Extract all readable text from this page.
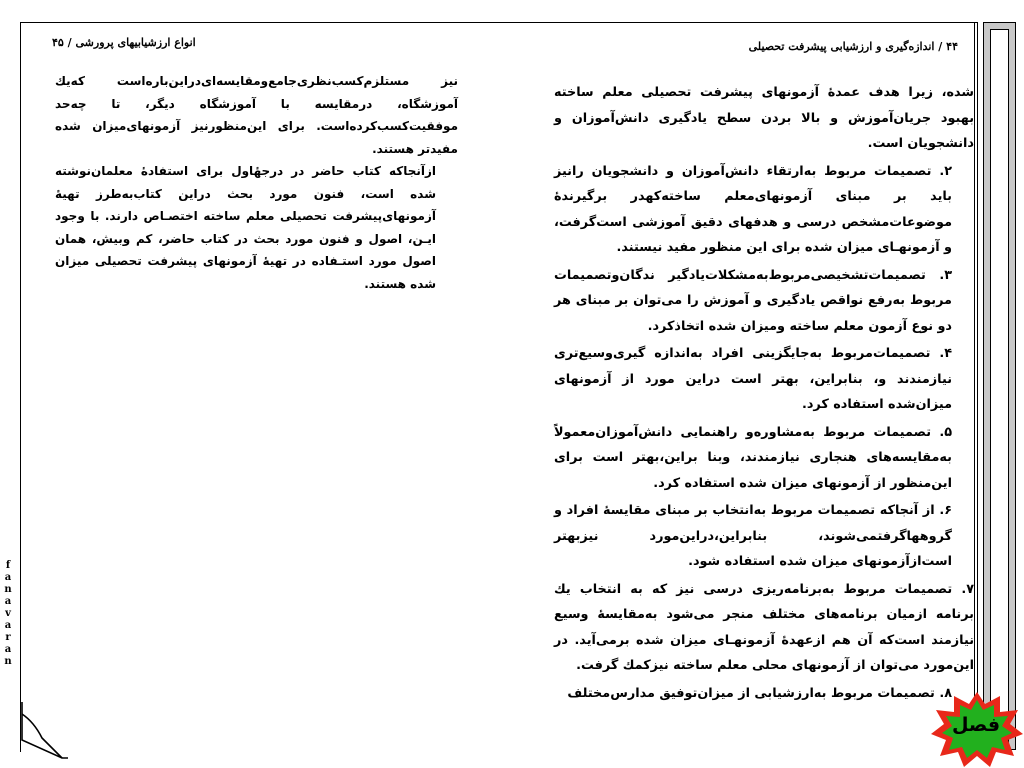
f
a
n
a
v
a
r
a
n
۴۴ / اندازه‌گیری و ارزشیابی پیشرفت تحصیلی
انواع ارزشیابیهای پرورشی / ۴۵

شده، زیرا هدف عمدهٔ آزمونهای پیشرفت تحصیلی معلم ساخته بهبود جریان‌آموزش و بالا بردن سطح یادگیری دانش‌آموزان و دانشجویان است.

۲. تصمیمات مربوط به‌ارتقاء دانش‌آموزان و دانشجویان رانیز باید بر مبنای آزمونهای‌معلم ساخته‌کهدر برگیرندهٔ موضوعات‌مشخص درسی و هدفهای دقیق آموزشی است‌گرفت، و آزمونهـای میزان شده برای این منظور مفید نیستند.

۳. تصمیمات‌تشخیصی‌مربوط‌به‌مشکلات‌یادگیر ندگان‌وتصمیمات مربوط به‌رفع نواقص یادگیری و آموزش را می‌توان بر مبنای هر دو نوع آزمون معلم ساخته ومیزان شده اتخاذکرد.

۴. تصمیمات‌مربوط به‌جایگزینی افراد به‌اندازه گیری‌وسیع‌تری نیازمندند و، بنابراین، بهتر است دراین مورد از آزمونهای میزان‌شده استفاده کرد.

۵. تصمیمات مربوط به‌مشاوره‌و راهنمایی دانش‌آموزان‌معمولاً به‌مقایسه‌های هنجاری نیازمندند، وبنا براین،بهتر است برای این‌منظور از آزمونهای میزان شده استفاده کرد.

۶. از آنجاکه تصمیمات مربوط به‌انتخاب بر مبنای مقایسهٔ افراد و گروههاگرفتمی‌شوند، بنابراین،دراین‌مورد نیزبهتر است‌ازآزمونهای میزان شده استفاده شود.

۷. تصمیمات مربوط به‌برنامه‌ریزی درسی نیز که به انتخاب یك برنامه ازمیان برنامه‌های مختلف منجر می‌شود به‌مقایسهٔ وسیع نیازمند است‌که آن هم ازعهدهٔ آزمونهـای میزان شده برمی‌آید. در این‌مورد می‌توان از آزمونهای محلی معلم ساخته نیزکمك گرفت.

۸. تصمیمات مربوط به‌ارزشیابی از میزان‌توفیق مدارس‌مختلف

نیز مستلزم‌کسب‌نظری‌جامع‌ومقایسه‌ای‌دراین‌باره‌است که‌یك آموزشگاه، درمقایسه با آموزشگاه دیگر، تا چه‌حد موفقیت‌کسب‌کرده‌است. برای این‌منظورنیز آزمونهای‌میزان شده مفیدتر هستند.

ازآنجاکه کتاب حاضر در درجهٔاول برای استفادهٔ معلمان‌نوشته شده است، فنون مورد بحث دراین کتاب‌به‌طرز تهیهٔ آزمونهای‌پیشرفت تحصیلی معلم ساخته اختصـاص دارند. با وجود ایـن، اصول و فنون مورد بحث در کتاب حاضر، کم وبیش، همان اصول مورد استـفاده در تهیهٔ آزمونهای پیشرفت تحصیلی میزان شده هستند.

فصل
